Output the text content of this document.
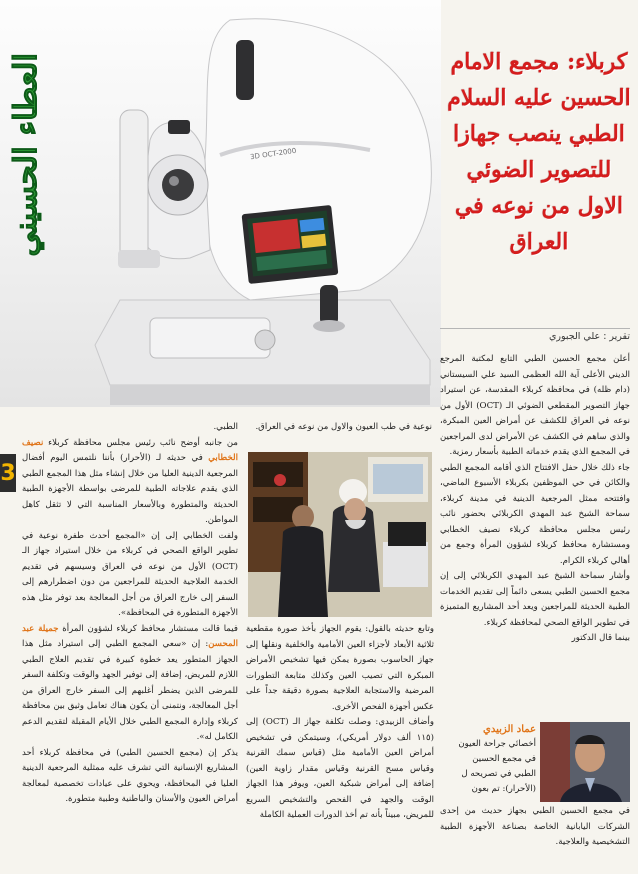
3D OCT-2000
العطاء الحسيني	كربلاء: مجمع الامام الحسين عليه السلام الطبي ينصب جهازا للتصوير الضوئي الاول من نوعه في العراق
تقرير : علي الجبوري
3

أعلن مجمع الحسين الطبي التابع لمكتبة المرجع الديني الأعلى آية الله العظمى السيد علي السيستاني (دام ظله) في محافظة كربلاء المقدسة، عن استيراد جهاز التصوير المقطعي الضوئي الـ (OCT) الأول من نوعه في العراق للكشف عن أمراض العين المبكرة، والذي ساهم في الكشف عن الأمراض لدى المراجعين في المجمع الذي يقدم خدماته الطبية بأسعار رمزية.

جاء ذلك خلال حفل الافتتاح الذي أقامه المجمع الطبي والكائن في حي الموظفين بكربلاء الأسبوع الماضي، وافتتحه ممثل المرجعية الدينية في مدينة كربلاء، سماحة الشيخ عبد المهدي الكربلائي بحضور نائب رئيس مجلس محافظة كربلاء نصيف الخطابي ومستشارة محافظ كربلاء لشؤون المرأة وجمع من أهالي كربلاء الكرام.

وأشار سماحة الشيخ عبد المهدي الكربلائي إلى إن مجمع الحسين الطبي يسعى دائماً إلى تقديم الخدمات الطبية الحديثة للمراجعين ويعد أحد المشاريع المتميزة في تطوير الواقع الصحي لمحافظة كربلاء.

بينما قال الدكتور

عماد الزبيدي
أخصائي جراحة العيون
في مجمع الحسين
الطبي في تصريحه ل
(الأحرار): تم بعون

في مجمع الحسين الطبي بجهاز حديث من إحدى الشركات اليابانية الخاصة بصناعة الأجهزة الطبية التشخيصية والعلاجية.

نوعية في طب العيون والاول من نوعه في العراق.

وتابع حديثه بالقول: يقوم الجهاز بأخذ صورة مقطعية ثلاثية الأبعاد لأجزاء العين الأمامية والخلفية ونقلها إلى جهاز الحاسوب بصورة يمكن فيها تشخيص الأمراض المبكرة التي تصيب العين وكذلك متابعة التطورات المرضية والاستجابة العلاجية بصورة دقيقة جداً على عكس أجهزة الفحص الأخرى.

وأضاف الزبيدي: وصلت تكلفة جهاز الـ (OCT) إلى (١١٥ ألف دولار أمريكي)، وسيتمكن في تشخيص أمراض العين الأمامية مثل (قياس سمك القرنية وقياس مسح القرنية وقياس مقدار زاوية العين) إضافة إلى أمراض شبكية العين، ويوفر هذا الجهاز الوقت والجهد في الفحص والتشخيص السريع للمريض، مبيناً بأنه تم أخذ الدورات العملية الكاملة

الطبي.

من جانبه أوضح نائب رئيس مجلس محافظة كربلاء نصيف الخطابي في حديثه لـ (الأحرار) بأننا نلتمس اليوم أفضال المرجعية الدينية العليا من خلال إنشاء مثل هذا المجمع الطبي الذي يقدم علاجاته الطبية للمرضى بواسطة الأجهزة الطبية الحديثة والمتطورة وبالأسعار المناسبة التي لا تثقل كاهل المواطن.

ولفت الخطابي إلى إن «المجمع أحدث طفرة نوعية في تطوير الواقع الصحي في كربلاء من خلال استيراد جهاز الـ (OCT) الأول من نوعه في العراق وسيسهم في تقديم الخدمة العلاجية الحديثة للمراجعين من دون اضطرارهم إلى السفر إلى خارج العراق من أجل المعالجة بعد توفر مثل هذه الأجهزة المتطورة في المحافظة».

فيما قالت مستشار محافظ كربلاء لشؤون المرأة جميلة عبد المحسن: إن «سعي المجمع الطبي إلى استيراد مثل هذا الجهاز المتطور يعد خطوة كبيرة في تقديم العلاج الطبي اللازم للمريض، إضافة إلى توفير الجهد والوقت وتكلفة السفر للمرضى الذين يضطر أغلبهم إلى السفر خارج العراق من أجل المعالجة، ونتمنى أن يكون هناك تعامل وثيق بين محافظة كربلاء وإدارة المجمع الطبي خلال الأيام المقبلة لتقديم الدعم الكامل له».

يذكر إن (مجمع الحسين الطبي) في محافظة كربلاء أحد المشاريع الإنسانية التي تشرف عليه ممثلية المرجعية الدينية العليا في المحافظة، ويحوي على عيادات تخصصية لمعالجة أمراض العيون والأسنان والباطنية وطبية متطورة.
